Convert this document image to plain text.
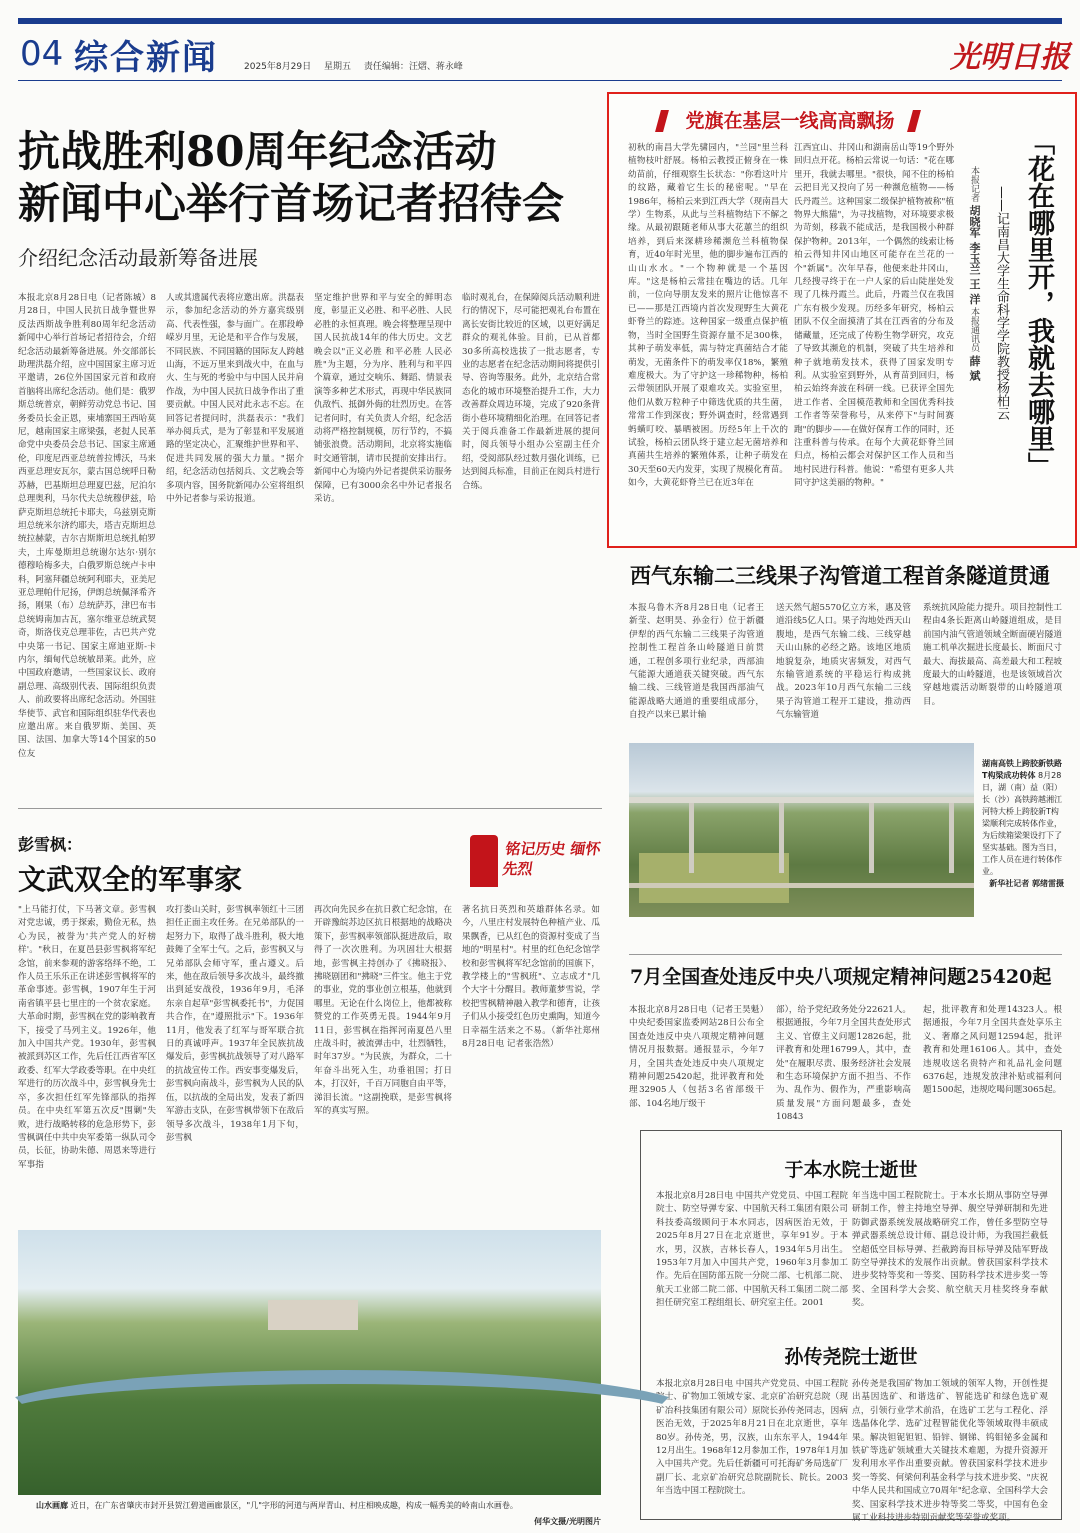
04 综合新闻	2025年8月29日 星期五 责任编辑：汪熠、蒋永峰	光明日报
抗战胜利80周年纪念活动
新闻中心举行首场记者招待会
介绍纪念活动最新筹备进展
本报北京8月28日电（记者陈城）8月28日，中国人民抗日战争暨世界反法西斯战争胜利80周年纪念活动新闻中心举行首场记者招待会，介绍纪念活动最新筹备进展。外交部部长助理洪磊介绍，应中国国家主席习近平邀请，26位外国国家元首和政府首脑将出席纪念活动。他们是：俄罗斯总统普京，朝鲜劳动党总书记、国务委员长金正恩，柬埔寨国王西哈莫尼，越南国家主席梁强，老挝人民革命党中央委员会总书记、国家主席通伦，印度尼西亚总统普拉博沃，马来西亚总理安瓦尔，蒙古国总统呼日勒苏赫，巴基斯坦总理夏巴兹，尼泊尔总理奥利，马尔代夫总统穆伊兹，哈萨克斯坦总统托卡耶夫，乌兹别克斯坦总统米尔济约耶夫，塔吉克斯坦总统拉赫蒙，吉尔吉斯斯坦总统扎帕罗夫，土库曼斯坦总统谢尔达尔·别尔德穆哈梅多夫，白俄罗斯总统卢卡申科，阿塞拜疆总统阿利耶夫，亚美尼亚总理帕什尼扬，伊朗总统佩泽希齐扬，刚果（布）总统萨苏，津巴布韦总统姆南加古瓦，塞尔维亚总统武契奇，斯洛伐克总理菲佐，古巴共产党中央第一书记、国家主席迪亚斯-卡内尔，缅甸代总统敏昂莱。此外，应中国政府邀请，一些国家议长、政府副总理、高级别代表、国际组织负责人、前政要将出席纪念活动。外国驻华使节、武官和国际组织驻华代表也应邀出席。来自俄罗斯、美国、英国、法国、加拿大等14个国家的50位友
人或其遗属代表将应邀出席。洪磊表示，参加纪念活动的外方嘉宾级别高、代表性强，参与面广。在那段峥嵘岁月里，无论是和平合作与发展，不同民族、不同国籍的国际友人跨越山海，不远万里来到战火中，在血与火、生与死的考验中与中国人民并肩作战，为中国人民抗日战争作出了重要贡献。中国人民对此永志不忘。在回答记者提问时，洪磊表示："我们举办阅兵式，是为了彰显和平发展道路的坚定决心，汇聚维护世界和平、促进共同发展的强大力量。"据介绍，纪念活动包括阅兵、文艺晚会等多项内容，国务院新闻办公室将组织中外记者参与采访报道。
坚定维护世界和平与安全的鲜明态度，彰显正义必胜、和平必胜、人民必胜的永恒真理。晚会将整理呈现中国人民抗战14年的伟大历史。文艺晚会以"正义必胜 和平必胜 人民必胜"为主题，分为序、胜利与和平四个篇章，通过交响乐、舞蹈、情景表演等多种艺术形式，再现中华民族同仇敌忾、抵御外侮的壮烈历史。在答记者问时，有关负责人介绍，纪念活动将严格控制规模，厉行节约，不搞铺张浪费。活动期间，北京将实施临时交通管制，请市民提前安排出行。新闻中心为境内外记者提供采访服务保障，已有3000余名中外记者报名采访。
临时观礼台，在保障阅兵活动顺利进行的情况下，尽可能把观礼台布置在离长安街比较近的区域，以更好满足群众的观礼体验。目前，已从首都30多所高校选拔了一批志愿者，专业的志愿者在纪念活动期间将提供引导、咨询等服务。此外，北京结合常态化的城市环境整治提升工作，大力改善群众周边环境，完成了920条背街小巷环境精细化治理。在回答记者关于阅兵准备工作最新进展的提问时，阅兵领导小组办公室副主任介绍，受阅部队经过数月强化训练，已达到阅兵标准，目前正在阅兵村进行合练。
党旗在基层一线高高飘扬
初秋的南昌大学先骕园内，"兰园"里兰科植物枝叶舒展。杨柏云教授正俯身在一株幼苗前，仔细观察生长状态："你看这叶片的纹路，藏着它生长的秘密呢。"早在1986年，杨柏云来到江西大学（现南昌大学）生物系，从此与兰科植物结下不解之缘。从最初跟随老师从事大花蕙兰的组织培养，到后来深耕珍稀濒危兰科植物保育，近40年时光里，他的脚步遍布江西的山山水水。"一个物种就是一个基因库。"这是杨柏云常挂在嘴边的话。几年前，一位向导朋友发来的照片让他惊喜不已——那是江西境内首次发现野生大黄花虾脊兰的踪迹。这种国家一级重点保护植物，当时全国野生资源存量不足300株，其种子萌发率低，需与特定真菌结合才能萌发，无菌条件下的萌发率仅18%，繁殖难度极大。为了守护这一珍稀物种，杨柏云带领团队开展了艰难攻关。实验室里，他们从数万粒种子中筛选优质的共生菌，常常工作到深夜；野外调查时，经常遇到蚂蟥叮咬、暴晒被困。历经5年上千次的试验，杨柏云团队终于建立起无菌培养和真菌共生培养的繁殖体系，让种子萌发在30天至60天内发芽，实现了规模化育苗。如今，大黄花虾脊兰已在近3年在
江西宜山、井冈山和湖南岳山等19个野外回归点开花。杨柏云常说一句话："花在哪里开，我就去哪里。"很快，闻不住的杨柏云把目光又投向了另一种濒危植物——杨氏丹霞兰。这种国家二级保护植物被称"植物界大熊猫"，为寻找植物，对环境要求极为苛刻，移栽不能成活，是我国极小种群保护物种。2013年，一个偶然的线索让杨柏云得知井冈山地区可能存在兰花的一个"新属"。次年早春，他便来赴井冈山，几经搜寻终于在一户人家的后山陡崖处发现了几株丹霞兰。此后，丹霞兰仅在我国广东有极少发现。历经多年研究，杨柏云团队不仅全面摸清了其在江西省的分布及储藏量，还完成了传粉生物学研究，攻克了导致其濒危的机制，突破了共生培养和种子就地萌发技术，获得了国家发明专利。从实验室到野外，从育苗到回归，杨柏云始终奔波在科研一线。已获评全国先进工作者、全国模范教师和全国优秀科技工作者等荣誉称号，从来停下"与时间赛跑"的脚步——在做好保育工作的同时，还注重科普与传承。在每个大黄花虾脊兰回归点，杨柏云都会对保护区工作人员和当地村民进行科普。他说："希望有更多人共同守护这美丽的物种。"
「花在哪里开，我就去哪里」
——记南昌大学生命科学学院教授杨柏云
本报记者 胡晓军 李玉兰 王 洋 本报通讯员 薛 斌
西气东输二三线果子沟管道工程首条隧道贯通
本报乌鲁木齐8月28日电（记者王新莹、赵明昊、孙金行）位于新疆伊犁的西气东输二三线果子沟管道控制性工程首条山岭隧道日前贯通，工程创多项行业纪录，西部油气能源大通道获关键突破。西气东输二线、三线管道是我国西部油气能源战略大通道的重要组成部分，自投产以来已累计输
送天然气超5570亿立方米，惠及管道沿线5亿人口。果子沟地处西天山腹地，是西气东输二线、三线穿越天山山脉的必经之路。该地区地质地貌复杂，地质灾害频发，对西气东输管道系统的平稳运行构成挑战。2023年10月西气东输二三线果子沟管道工程开工建设，推动西气东输管道
系统抗风险能力提升。项目控制性工程由4条长距离山岭隧道组成，是目前国内油气管道领域全断面硬岩隧道施工机单次掘进长度最长、断面尺寸最大、海拔最高、高差最大和工程坡度最大的山岭隧道，也是该领域首次穿越地震活动断裂带的山岭隧道项目。
湖南高铁上跨胶新铁路T构梁成功转体 8月28日，湖（南）益（阳）长（沙）高铁跨越湘江河特大桥上跨胶新T构梁顺利完成转体作业，为后续箱梁架设打下了坚实基础。图为当日，工作人员在进行转体作业。
新华社记者 郭绪雷摄
7月全国查处违反中央八项规定精神问题25420起
本报北京8月28日电（记者王昊魁）中央纪委国家监委网站28日公布全国查处违反中央八项规定精神问题情况月报数据。通报显示，今年7月，全国共查处违反中央八项规定精神问题25420起，批评教育和处理32905人（包括3名省部级干部、104名地厅级干
部），给予党纪政务处分22621人。根据通报，今年7月全国共查处形式主义、官僚主义问题12826起，批评教育和处理16799人，其中，查处"在履职尽责、服务经济社会发展和生态环境保护方面不担当、不作为、乱作为、假作为，严重影响高质量发展"方面问题最多，查处10843
起，批评教育和处理14323人。根据通报，今年7月全国共查处享乐主义、奢靡之风问题12594起，批评教育和处理16106人。其中，查处违规收送名贵特产和礼品礼金问题6376起，违规发放津补贴或福利问题1500起，违规吃喝问题3065起。
于本水院士逝世
本报北京8月28日电 中国共产党党员、中国工程院院士、防空导弹专家、中国航天科工集团有限公司科技委高级顾问于本水同志，因病医治无效，于2025年8月27日在北京逝世，享年91岁。于本水，男，汉族，吉林长春人，1934年5月出生。1953年7月加入中国共产党，1960年3月参加工作。先后在国防部五院一分院二部、七机部二院、航天工业部二院二部、中国航天科工集团二院二部担任研究室工程组组长、研究室主任。2001
年当选中国工程院院士。于本水长期从事防空导弹研制工作，曾主持地空导弹、舰空导弹研制和先进防御武器系统发展战略研究工作，曾任多型防空导弹武器系统总设计师、副总设计师，为我国拦截低空超低空目标导弹、拦截跨海目标导弹及陆军野战防空导弹技术的发展作出贡献。曾获国家科学技术进步奖特等奖和一等奖、国防科学技术进步奖一等奖、全国科学大会奖、航空航天月桂奖终身奉献奖。
孙传尧院士逝世
本报北京8月28日电 中国共产党党员、中国工程院院士、矿物加工领域专家、北京矿冶研究总院（现矿冶科技集团有限公司）原院长孙传尧同志，因病医治无效，于2025年8月21日在北京逝世，享年80岁。孙传尧，男，汉族，山东东平人，1944年12月出生。1968年12月参加工作，1978年1月加入中国共产党。先后任新疆可可托海矿务局选矿厂副厂长、北京矿冶研究总院副院长、院长。2003年当选中国工程院院士。
孙传尧是我国矿物加工领域的领军人物，开创性提出基因选矿、和谐选矿、智能选矿和绿色选矿观点，引领行业学术前沿，在选矿工艺与工程化、浮选晶体化学、选矿过程智能优化等领域取得丰硕成果。解决钽铌钽钽、铅锌、钢锑、钨钼铋多金属和铁矿等选矿领域重大关键技术难题，为提升资源开发利用水平作出重要贡献。曾获国家科学技术进步奖一等奖、何梁何利基金科学与技术进步奖、"庆祝中华人民共和国成立70周年"纪念章、全国科学大会奖、国家科学技术进步特等奖二等奖，中国有色金属工业科技进步特别贡献奖等荣誉或奖项。
彭雪枫：
文武双全的军事家
铭记历史 缅怀先烈
"上马能打仗，下马著文章。彭雪枫对党忠诚，勇于探索，勤俭无私，热心为民，被誉为'共产党人的好榜样'。"秋日，在夏邑县彭雪枫将军纪念馆，前来参观的游客络绎不绝，工作人员王乐乐正在讲述彭雪枫将军的革命事迹。彭雪枫，1907年生于河南省镇平县七里庄的一个贫农家庭。大革命时期，彭雪枫在党的影响教育下，接受了马列主义。1926年，他加入中国共产党。1930年，彭雪枫被派到苏区工作，先后任江西省军区政委、红军大学政委等职。在中央红军进行的历次战斗中，彭雪枫身先士卒，多次担任红军先锋部队的指挥员。在中央红军第五次反"围剿"失败，进行战略转移的危急形势下，彭雪枫调任中共中央军委第一纵队司令员，长征，协助朱德、周恩来等进行军事指
攻打娄山关时，彭雪枫率领红十三团担任正面主攻任务。在兄弟部队的一起努力下，取得了战斗胜利，极大地鼓舞了全军士气。之后，彭雪枫又与兄弟部队会师守军，重占遵义。后来，他在敌后领导多次战斗，最终撤出到延安战役，1936年9月，毛泽东亲自起草"彭雪枫委托书"，力促国共合作，在"遵照批示"下。1936年11月，他发表了红军与哥军联合抗日的真诚呼声。1937年全民族抗战爆发后，彭雪枫抗战领导了对八路军的抗战宣传工作。西安事变爆发后，彭雪枫向南战斗，彭雪枫为人民的队伍，以抗战的全局出发，发表了新四军游击支队，在彭雪枫带领下在敌后领导多次战斗，1938年1月下旬，彭雪枫
再次向先民乡在抗日救亡纪念馆，在开辟豫皖苏边区抗日根据地的战略决策下，彭雪枫率领部队挺进敌后，取得了一次次胜利。为巩固壮大根据地，彭雪枫主持创办了《拂晓报》、拂晓剧团和"拂晓"三件宝。他主于党的事业，党的事业创立根基，他就到哪里。无论在什么岗位上，他都被称赞党的工作英勇无畏。1944年9月11日，彭雪枫在指挥河南夏邑八里庄战斗时，被流弹击中，壮烈牺牲，时年37岁。"为民族，为群众，二十年奋斗出死入生，功垂祖国；打日本，打汉奸，千百万同胞自由平等，涕泪长流。"这副挽联，是彭雪枫将军的真实写照。
著名抗日英烈和英雄群体名录。如今，八里庄村发展特色种植产业、瓜果飘香，已从红色的资源村变成了当地的"明星村"。村里的红色纪念馆学校和彭雪枫将军纪念馆前的国旗下，教学楼上的"雪枫班"、立志成才"几个大字十分醒目。教师董梦雪说，学校把雪枫精神融入教学和德育，让孩子们从小接受红色历史熏陶，知道今日幸福生活来之不易。（新华社郑州8月28日电 记者张浩然）
山水画廊 近日，在广东省肇庆市封开县贺江碧道画廊景区，"几"字形的河道与两岸青山、村庄相映成趣，构成一幅秀美的岭南山水画卷。
何华文摄/光明图片
